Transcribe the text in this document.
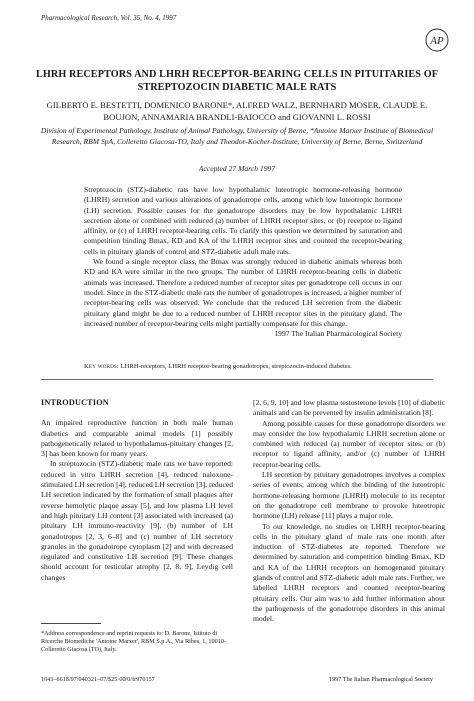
Pharmacological Research, Vol. 35, No. 4, 1997
AP
LHRH RECEPTORS AND LHRH RECEPTOR-BEARING CELLS IN PITUITARIES OF STREPTOZOCIN DIABETIC MALE RATS
GILBERTO E. BESTETTI, DOMENICO BARONE*, ALFRED WALZ, BERNHARD MOSER, CLAUDE E. BOUJON, ANNAMARIA BRANDLI-BAIOCCO and GIOVANNI L. ROSSI
Division of Experimental Pathology, Institute of Animal Pathology, University of Berne, *Antoine Marxer Institute of Biomedical Research, RBM SpA, Colleretto Giacosa-TO, Italy and Theodor-Kocher-Institute, University of Berne, Berne, Switzerland
Accepted 27 March 1997

Streptozocin (STZ)-diabetic rats have low hypothalamic luteotropic hormone-releasing hormone (LHRH) secretion and various alterations of gonadotrope cells, among which low luteotropic hormone (LH) secretion. Possible causes for the gonadotrope disorders may be low hypothalamic LHRH secretion alone or combined with reduced (a) number of LHRH receptor sites, or (b) receptor to ligand affinity, or (c) of LHRH receptor-bearing cells. To clarify this question we determined by saturation and competition binding Bmax, KD and KA of the LHRH receptor sites and counted the receptor-bearing cells in pituitary glands of control and STZ-diabetic adult male rats.

We found a single receptor class, the Bmax was strongly reduced in diabetic animals whereas both KD and KA were similar in the two groups. The number of LHRH receptor-bearing cells in diabetic animals was increased. Therefore a reduced number of receptor sites per gonadotrope cell occurs in our model. Since in the STZ-diabetic male rats the number of gonadotropes is increased, a higher number of receptor-bearing cells was observed. We conclude that the reduced LH secretion from the diabetic pituitary gland might be due to a reduced number of LHRH receptor sites in the pituitary gland. The increased number of receptor-bearing cells might partially compensate for this change.

1997 The Italian Pharmacological Society
Key words: LHRH-receptors, LHRH receptor-bearing gonadotropes, streptozocin-induced diabetes.
INTRODUCTION

An impaired reproductive function in both male human diabetics and comparable animal models [1] possibly pathogenetically related to hypothalamus-pituitary changes [2, 3] has been known for many years.

In streptozocin (STZ)-diabetic male rats we have reported: reduced in vitro LHRH secretion [4], reduced naloxone-stimulated LH secretion [4], reduced LH secretion [3], reduced LH secretion indicated by the formation of small plaques after reverse hemolytic plaque assay [5], and low plasma LH level and high pituitary LH content [3] associated with increased (a) pituitary LH immuno-reactivity [9], (b) number of LH gonadotropes [2, 3, 6–8] and (c) number of LH secretory granules in the gonadotrope cytoplasm [2] and with decreased regulated and constitutive LH secretion [9]. These changes should account for testicular atrophy [2, 8, 9], Leydig cell changes

[2, 6, 9, 10] and low plasma testosterone levels [10] of diabetic animals and can be prevented by insulin administration [8].

Among possible causes for these gonadotrope disorders we may consider the low hypothalamic LHRH secretion alone or combined with reduced (a) number of receptor sites, or (b) receptor to ligand affinity, and/or (c) number of LHRH receptor-bearing cells.

LH secretion by pituitary gonadotropes involves a complex series of events, among which the binding of the luteotropic hormone-releasing hormone (LHRH) molecule to its receptor on the gonadotrope cell membrane to provoke luteotropic hormone (LH) release [11] plays a major role.

To our knowledge, no studies on LHRH receptor-bearing cells in the pituitary gland of male rats one month after induction of STZ-diabetes are reported. Therefore we determined by saturation and competition binding Bmax, KD and KA of the LHRH receptors on homogenated pituitary glands of control and STZ-diabetic adult male rats. Further, we labelled LHRH receptors and counted receptor-bearing pituitary cells. Our aim was to add further information about the pathogenesis of the gonadotrope disorders in this animal model.

*Address correspondence and reprint requests to: D. Barone, Istituto di Ricerche Biomediche 'Antoine Marxer', RBM S.p.A., Via Ribes, 1, 10010–Colleretto Giacosa (TO), Italy.
1043–6618/97/040321–07/$25·00/0/fr970157	1997 The Italian Pharmacological Society
